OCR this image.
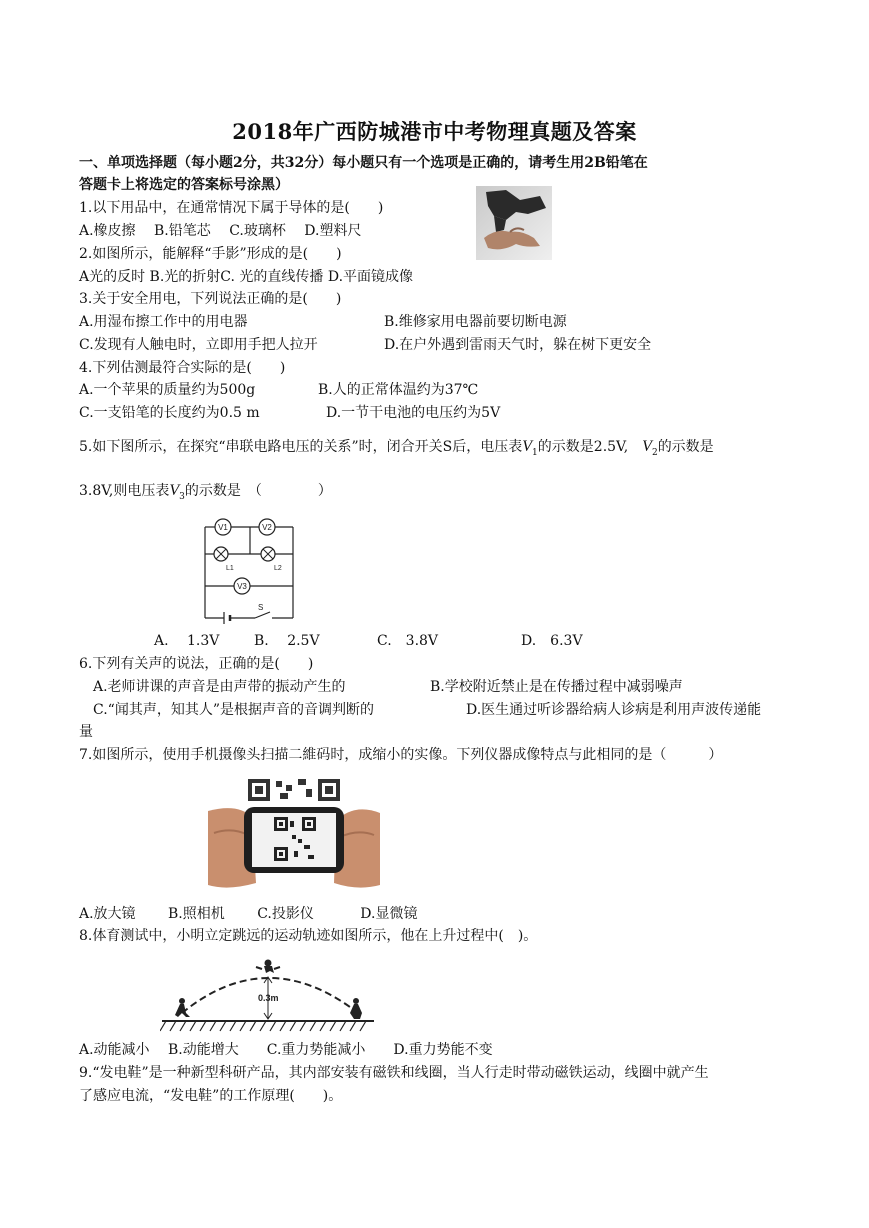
2018年广西防城港市中考物理真题及答案
一、单项选择题（每小题2分，共32分）每小题只有一个选项是正确的，请考生用2B铅笔在
答题卡上将选定的答案标号涂黑）
1.以下用品中，在通常情况下属于导体的是(　　)
A.橡皮擦　 B.铅笔芯　 C.玻璃杯　 D.塑料尺
2.如图所示，能解释“手影”形成的是(　　)
A光的反时 B.光的折射C. 光的直线传播 D.平面镜成像
3.关于安全用电，下列说法正确的是(　　)
A.用湿布擦工作中的用电器	B.维修家用电器前要切断电源
C.发现有人触电时，立即用手把人拉开	D.在户外遇到雷雨天气时，躲在树下更安全
4.下列估测最符合实际的是(　　)
A.一个苹果的质量约为500g	B.人的正常体温约为37℃
C.一支铅笔的长度约为0.5 m	D.一节干电池的电压约为5V
5.如下图所示，在探究“串联电路电压的关系”时，闭合开关S后，电压表$V_1$的示数是2.5V,　$V_2$的示数是
3.8V,则电压表$V_3$的示数是　（　　　　）
V1	V2
V3
L1	L2
S
A.　 1.3V B.　 2.5V	C.　3.8V	D.　6.3V
6.下列有关声的说法，正确的是(　　)
A.老师讲课的声音是由声带的振动产生的	B.学校附近禁止是在传播过程中减弱噪声
C.“闻其声，知其人”是根据声音的音调判断的	D.医生通过听诊器给病人诊病是利用声波传递能
量
7.如图所示，使用手机摄像头扫描二維码时，成缩小的实像。下列仪器成像特点与此相同的是（　　　）
A.放大镜　　 B.照相机　　 C.投影仪　　　 D.显微镜
8.体育测试中，小明立定跳远的运动轨迹如图所示，他在上升过程中(　)。
0.3m
A.动能减小　 B.动能增大　　C.重力势能减小　　D.重力势能不变
9.“发电鞋”是一种新型科研产品，其内部安装有磁铁和线圈，当人行走时带动磁铁运动，线圈中就产生
了感应电流，“发电鞋”的工作原理(　　)。
